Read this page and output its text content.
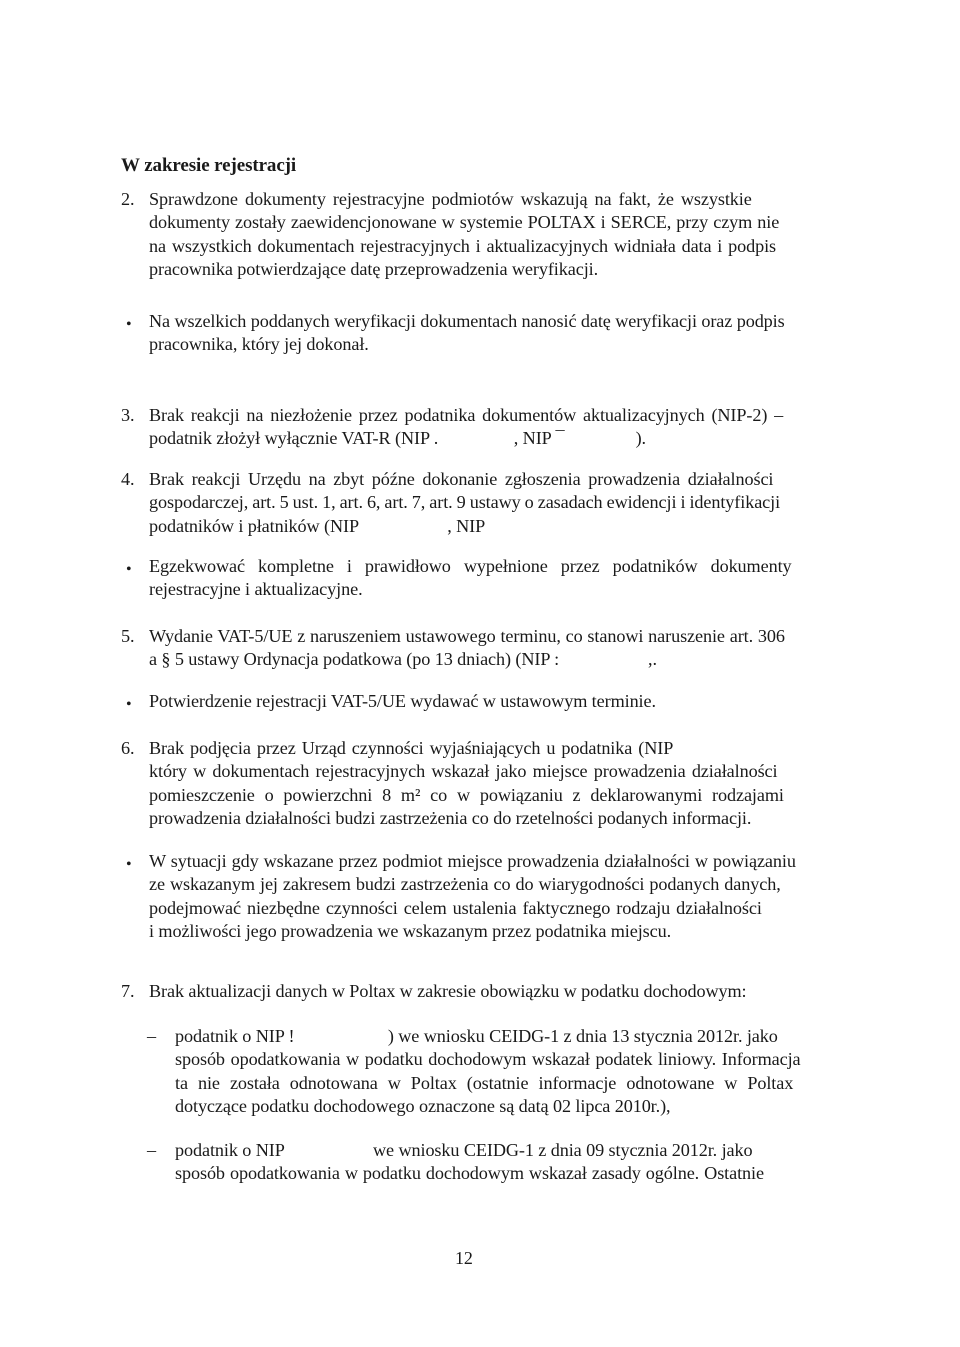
W zakresie rejestracji
2. Sprawdzone dokumenty rejestracyjne podmiotów wskazują na fakt, że wszystkie
dokumenty zostały zaewidencjonowane w systemie POLTAX i SERCE, przy czym nie
na wszystkich dokumentach rejestracyjnych i aktualizacyjnych widniała data i podpis
pracownika potwierdzające datę przeprowadzenia weryfikacji.
• Na wszelkich poddanych weryfikacji dokumentach nanosić datę weryfikacji oraz podpis
pracownika, który jej dokonał.
3. Brak reakcji na niezłożenie przez podatnika dokumentów aktualizacyjnych (NIP-2) –
podatnik złożył wyłącznie VAT-R (NIP .                 , NIP ¯                ).
4. Brak reakcji Urzędu na zbyt późne dokonanie zgłoszenia prowadzenia działalności
gospodarczej, art. 5 ust. 1, art. 6, art. 7, art. 9 ustawy o zasadach ewidencji i identyfikacji
podatników i płatników (NIP                    , NIP
• Egzekwować kompletne i prawidłowo wypełnione przez podatników dokumenty
rejestracyjne i aktualizacyjne.
5. Wydanie VAT-5/UE z naruszeniem ustawowego terminu, co stanowi naruszenie art. 306
a § 5 ustawy Ordynacja podatkowa (po 13 dniach) (NIP :                    ,.
• Potwierdzenie rejestracji VAT-5/UE wydawać w ustawowym terminie.
6. Brak podjęcia przez Urząd czynności wyjaśniających u podatnika (NIP
który w dokumentach rejestracyjnych wskazał jako miejsce prowadzenia działalności
pomieszczenie o powierzchni 8 m² co w powiązaniu z deklarowanymi rodzajami
prowadzenia działalności budzi zastrzeżenia co do rzetelności podanych informacji.
• W sytuacji gdy wskazane przez podmiot miejsce prowadzenia działalności w powiązaniu
ze wskazanym jej zakresem budzi zastrzeżenia co do wiarygodności podanych danych,
podejmować niezbędne czynności celem ustalenia faktycznego rodzaju działalności
i możliwości jego prowadzenia we wskazanym przez podatnika miejscu.
7. Brak aktualizacji danych w Poltax w zakresie obowiązku w podatku dochodowym:
– podatnik o NIP !                     ) we wniosku CEIDG-1 z dnia 13 stycznia 2012r. jako
sposób opodatkowania w podatku dochodowym wskazał podatek liniowy. Informacja
ta nie została odnotowana w Poltax (ostatnie informacje odnotowane w Poltax
dotyczące podatku dochodowego oznaczone są datą 02 lipca 2010r.),
– podatnik o NIP                    we wniosku CEIDG-1 z dnia 09 stycznia 2012r. jako
sposób opodatkowania w podatku dochodowym wskazał zasady ogólne. Ostatnie
12
